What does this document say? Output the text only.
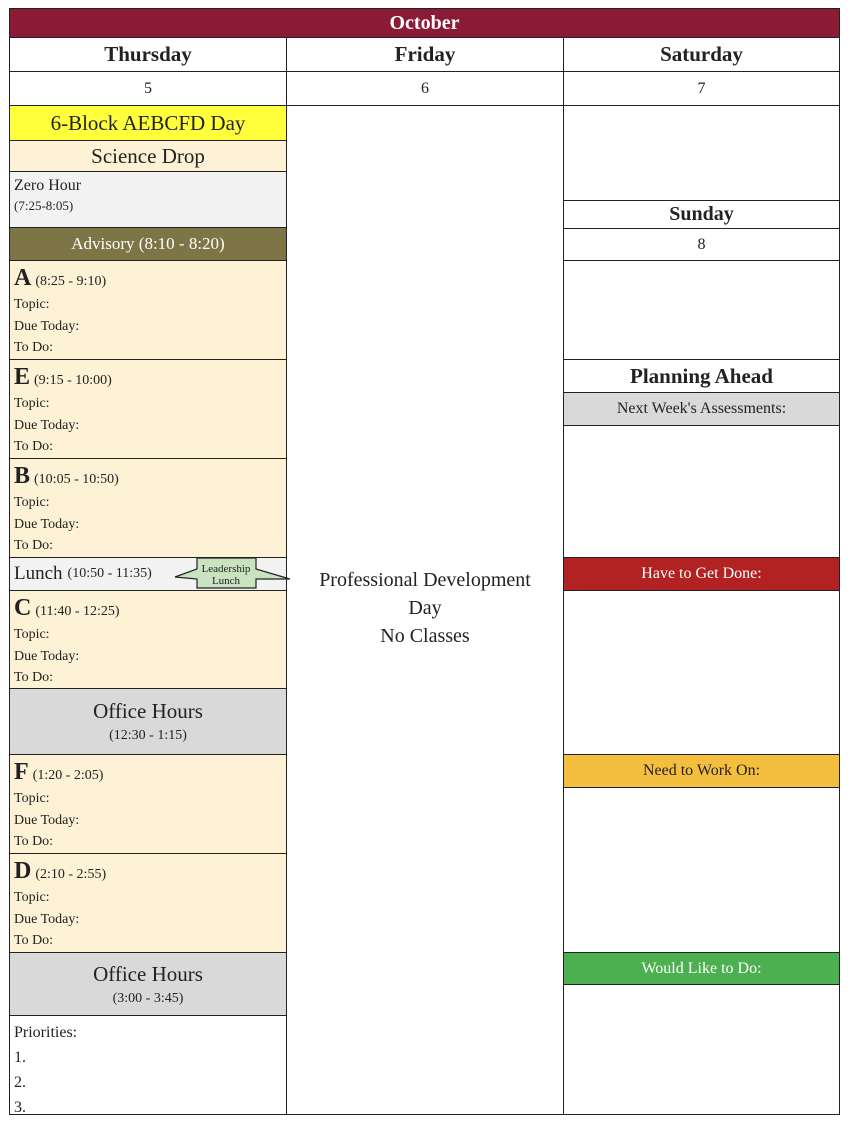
October
Thursday	Friday	Saturday
5	6	7
6-Block AEBCFD Day
Science Drop
Zero Hour
(7:25-8:05)
Advisory (8:10 - 8:20)
A (8:25 - 9:10)
Topic:
Due Today:
To Do:
E (9:15 - 10:00)
Topic:
Due Today:
To Do:
B (10:05 - 10:50)
Topic:
Due Today:
To Do:
Lunch (10:50 - 11:35)	Leadership Lunch
C (11:40 - 12:25)
Topic:
Due Today:
To Do:
Office Hours
(12:30 - 1:15)
F (1:20 - 2:05)
Topic:
Due Today:
To Do:
D (2:10 - 2:55)
Topic:
Due Today:
To Do:
Office Hours
(3:00 - 3:45)
Priorities:
1.
2.
3.
Professional Development
Day
No Classes
Sunday
8
Planning Ahead
Next Week's Assessments:
Have to Get Done:
Need to Work On:
Would Like to Do:
